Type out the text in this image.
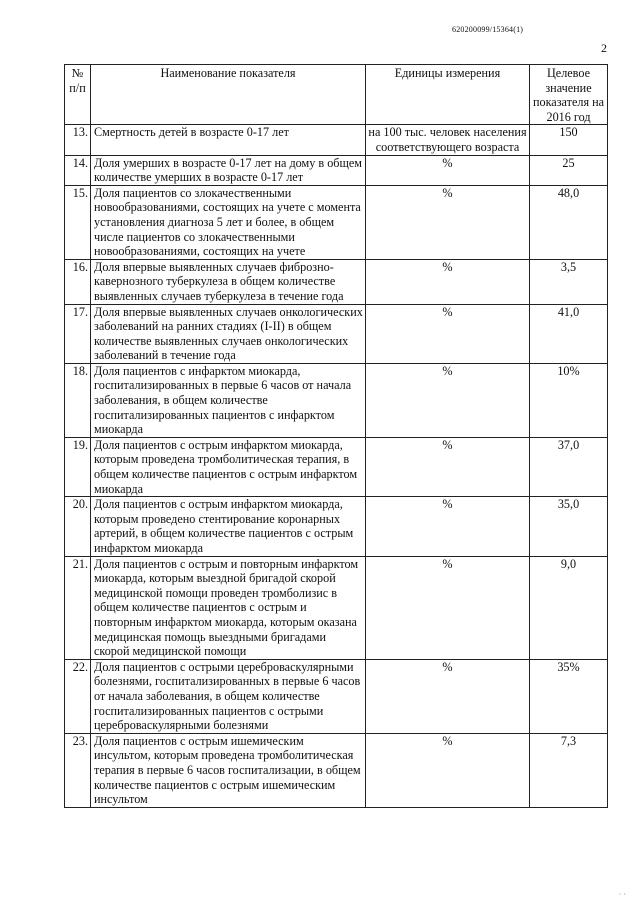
620200099/15364(1)
2
№ п/п	Наименование показателя	Единицы измерения	Целевое значение показателя на 2016 год
13.	Смертность детей в возрасте 0-17 лет	на 100 тыс. человек населения соответствующего возраста	150
14.	Доля умерших в возрасте 0-17 лет на дому в общем количестве умерших в возрасте 0-17 лет	%	25
15.	Доля пациентов со злокачественными новообразованиями, состоящих на учете с момента установления диагноза 5 лет и более, в общем числе пациентов со злокачественными новообразованиями, состоящих на учете	%	48,0
16.	Доля впервые выявленных случаев фиброзно-кавернозного туберкулеза в общем количестве выявленных случаев туберкулеза в течение года	%	3,5
17.	Доля впервые выявленных случаев онкологических заболеваний на ранних стадиях (I-II) в общем количестве выявленных случаев онкологических заболеваний в течение года	%	41,0
18.	Доля пациентов с инфарктом миокарда, госпитализированных в первые 6 часов от начала заболевания, в общем количестве госпитализированных пациентов с инфарктом миокарда	%	10%
19.	Доля пациентов с острым инфарктом миокарда, которым проведена тромболитическая терапия, в общем количестве пациентов с острым инфарктом миокарда	%	37,0
20.	Доля пациентов с острым инфарктом миокарда, которым проведено стентирование коронарных артерий, в общем количестве пациентов с острым инфарктом миокарда	%	35,0
21.	Доля пациентов с острым и повторным инфарктом миокарда, которым выездной бригадой скорой медицинской помощи проведен тромболизис в общем количестве пациентов с острым и повторным инфарктом миокарда, которым оказана медицинская помощь выездными бригадами скорой медицинской помощи	%	9,0
22.	Доля пациентов с острыми цереброваскулярными болезнями, госпитализированных в первые 6 часов от начала заболевания, в общем количестве госпитализированных пациентов с острыми цереброваскулярными болезнями	%	35%
23.	Доля пациентов с острым ишемическим инсультом, которым проведена тромболитическая терапия в первые 6 часов госпитализации, в общем количестве пациентов с острым ишемическим инсультом	%	7,3
· ·
